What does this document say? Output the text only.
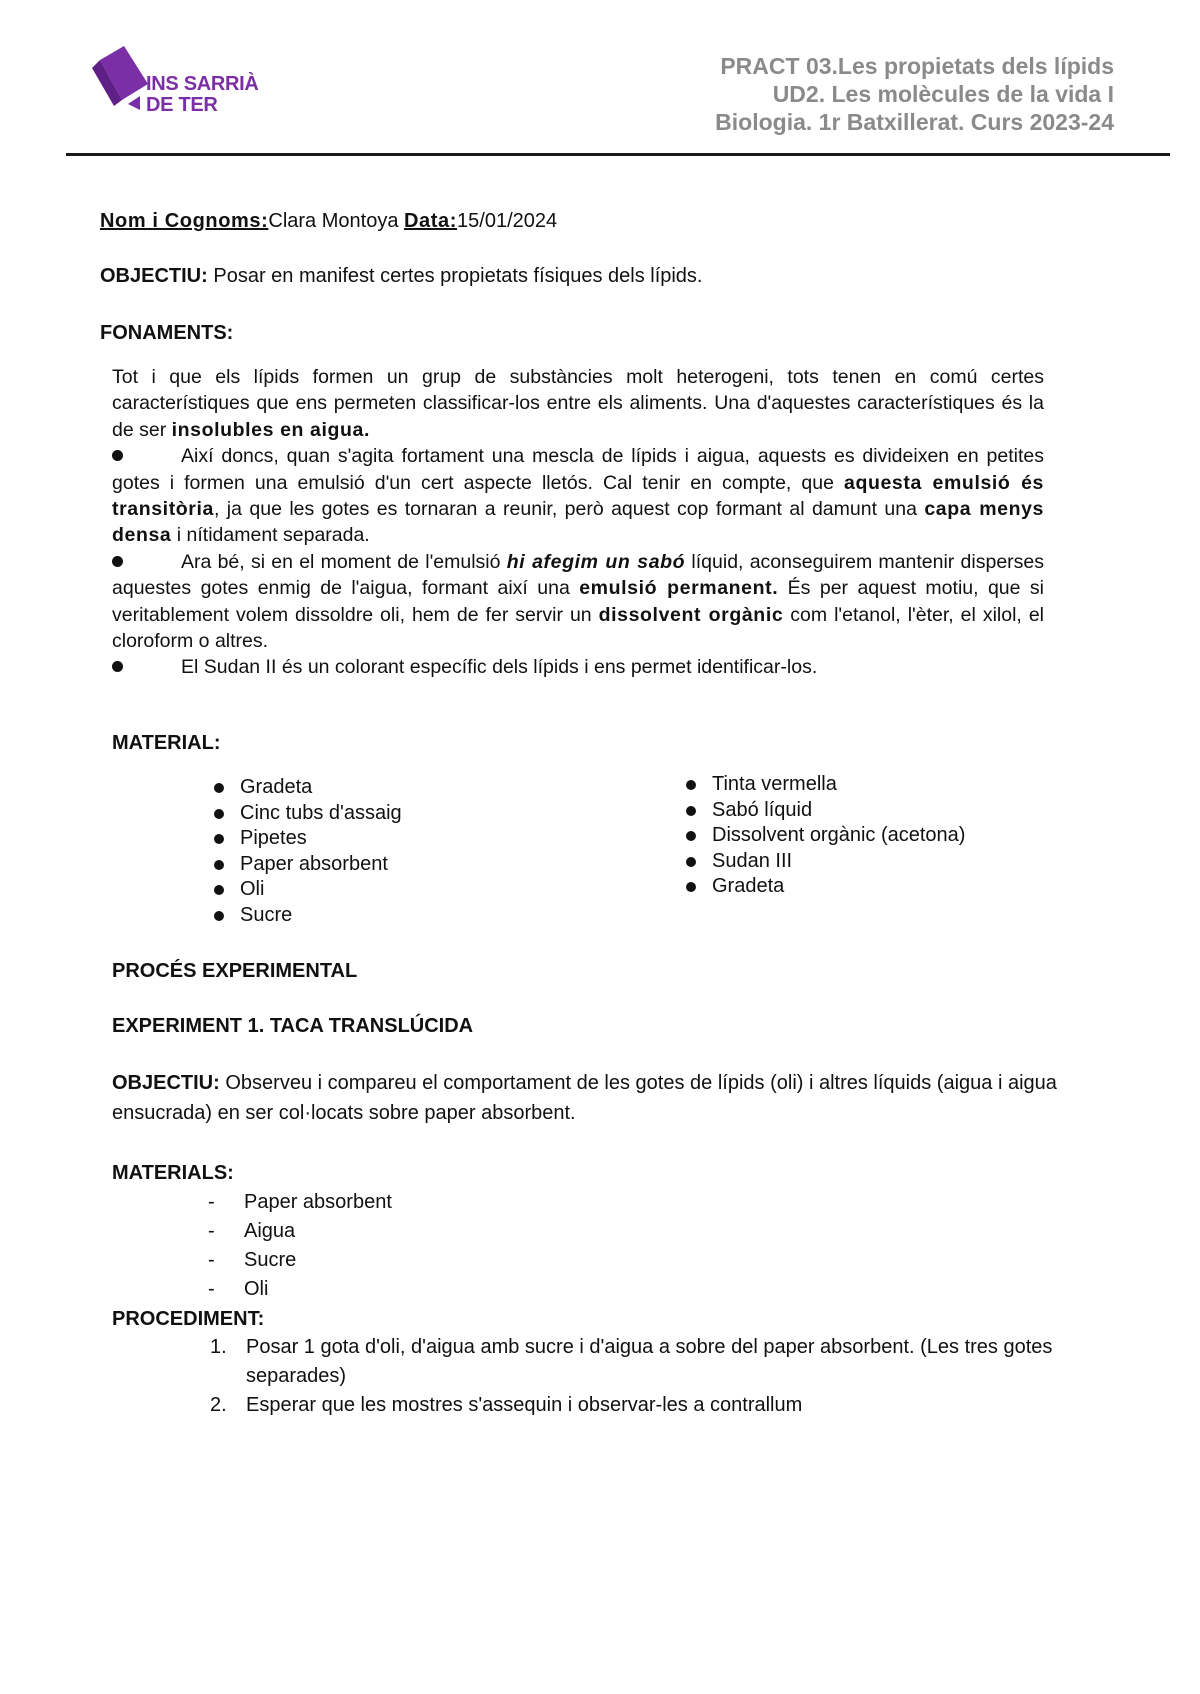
INS SARRIÀ
DE TER
PRACT 03.Les propietats dels lípids
UD2. Les molècules de la vida I
Biologia. 1r Batxillerat. Curs 2023-24
Nom i Cognoms:Clara Montoya Data:15/01/2024
OBJECTIU: Posar en manifest certes propietats físiques dels lípids.
FONAMENTS:

Tot i que els lípids formen un grup de substàncies molt heterogeni, tots tenen en comú certes característiques que ens permeten classificar-los entre els aliments. Una d'aquestes característiques és la de ser insolubles en aigua.

Així doncs, quan s'agita fortament una mescla de lípids i aigua, aquests es divideixen en petites gotes i formen una emulsió d'un cert aspecte lletós. Cal tenir en compte, que aquesta emulsió és transitòria, ja que les gotes es tornaran a reunir, però aquest cop formant al damunt una capa menys densa i nítidament separada.

Ara bé, si en el moment de l'emulsió hi afegim un sabó líquid, aconseguirem mantenir disperses aquestes gotes enmig de l'aigua, formant així una emulsió permanent. És per aquest motiu, que si veritablement volem dissoldre oli, hem de fer servir un dissolvent orgànic com l'etanol, l'èter, el xilol, el cloroform o altres.

El Sudan II és un colorant específic dels lípids i ens permet identificar-los.

MATERIAL:
Gradeta
Cinc tubs d'assaig
Pipetes
Paper absorbent
Oli
Sucre
Tinta vermella
Sabó líquid
Dissolvent orgànic (acetona)
Sudan III
Gradeta
PROCÉS EXPERIMENTAL
EXPERIMENT 1. TACA TRANSLÚCIDA
OBJECTIU: Observeu i compareu el comportament de les gotes de lípids (oli) i altres líquids (aigua i aigua ensucrada) en ser col·locats sobre paper absorbent.
MATERIALS:
- Paper absorbent
- Aigua
- Sucre
- Oli
PROCEDIMENT:
1. Posar 1 gota d'oli, d'aigua amb sucre i d'aigua a sobre del paper absorbent. (Les tres gotes separades)
2. Esperar que les mostres s'assequin i observar-les a contrallum
